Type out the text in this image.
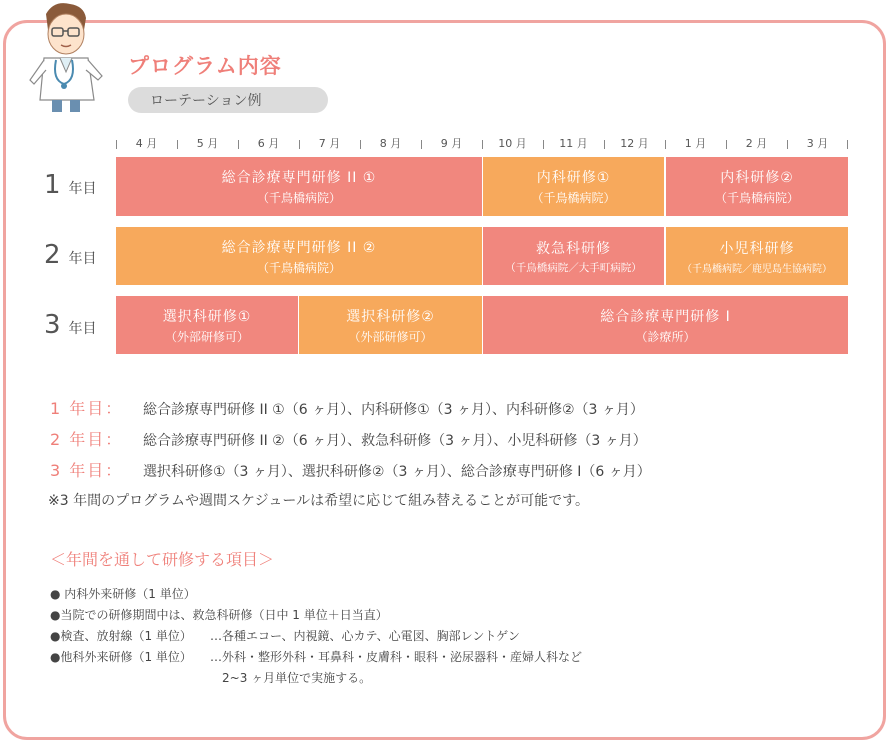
プログラム内容
ローテーション例
4 月	5 月	6 月	7 月	8 月	9 月	10 月	11 月	12 月	1 月	2 月	3 月
1 年目
総合診療専門研修 II ①
（千鳥橋病院）
内科研修①
（千鳥橋病院）
内科研修②
（千鳥橋病院）
2 年目
総合診療専門研修 II ②
（千鳥橋病院）
救急科研修
（千鳥橋病院／大手町病院）
小児科研修
（千鳥橋病院／鹿児島生協病院）
3 年目
選択科研修①
（外部研修可）
選択科研修②
（外部研修可）
総合診療専門研修 I
（診療所）
1 年目： 総合診療専門研修 II ①（6 ヶ月）、内科研修①（3 ヶ月）、内科研修②（3 ヶ月）
2 年目： 総合診療専門研修 II ②（6 ヶ月）、救急科研修（3 ヶ月）、小児科研修（3 ヶ月）
3 年目： 選択科研修①（3 ヶ月）、選択科研修②（3 ヶ月）、総合診療専門研修 I（6 ヶ月）
※3 年間のプログラムや週間スケジュールは希望に応じて組み替えることが可能です。
＜年間を通して研修する項目＞
● 内科外来研修（1 単位）
●当院での研修期間中は、救急科研修（日中 1 単位＋日当直）
●検査、放射線（1 単位） …各種エコー、内視鏡、心カテ、心電図、胸部レントゲン
●他科外来研修（1 単位） …外科・整形外科・耳鼻科・皮膚科・眼科・泌尿器科・産婦人科など
2~3 ヶ月単位で実施する。
